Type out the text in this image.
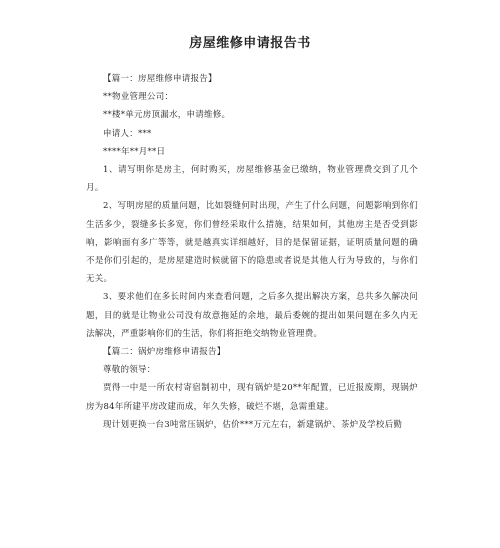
房屋维修申请报告书

【篇一：房屋维修申请报告】

**物业管理公司：

**楼*单元房顶漏水，申请维修。

申请人：***

****年**月**日

1、请写明你是房主，何时购买，房屋维修基金已缴纳，物业管理费交到了几个月。

2、写明房屋的质量问题，比如裂缝何时出现，产生了什么问题，问题影响到你们生活多少，裂缝多长多宽，你们曾经采取什么措施，结果如何，其他房主是否受到影响，影响面有多广等等，就是越真实详细越好，目的是保留证据，证明质量问题的确不是你们引起的，是房屋建造时候就留下的隐患或者说是其他人行为导致的，与你们无关。

3、要求他们在多长时间内来查看问题，之后多久提出解决方案，总共多久解决问题，目的就是让物业公司没有故意拖延的余地，最后委婉的提出如果问题在多久内无法解决，严重影响你们的生活，你们将拒绝交纳物业管理费。

【篇二：锅炉房维修申请报告】

尊敬的领导：

贾得一中是一所农村寄宿制初中，现有锅炉是20**年配置，已近报废期，现锅炉房为84年所建平房改建而成，年久失修，破烂不堪，急需重建。

现计划更换一台3吨常压锅炉，估价***万元左右，新建锅炉、茶炉及学校后勤
